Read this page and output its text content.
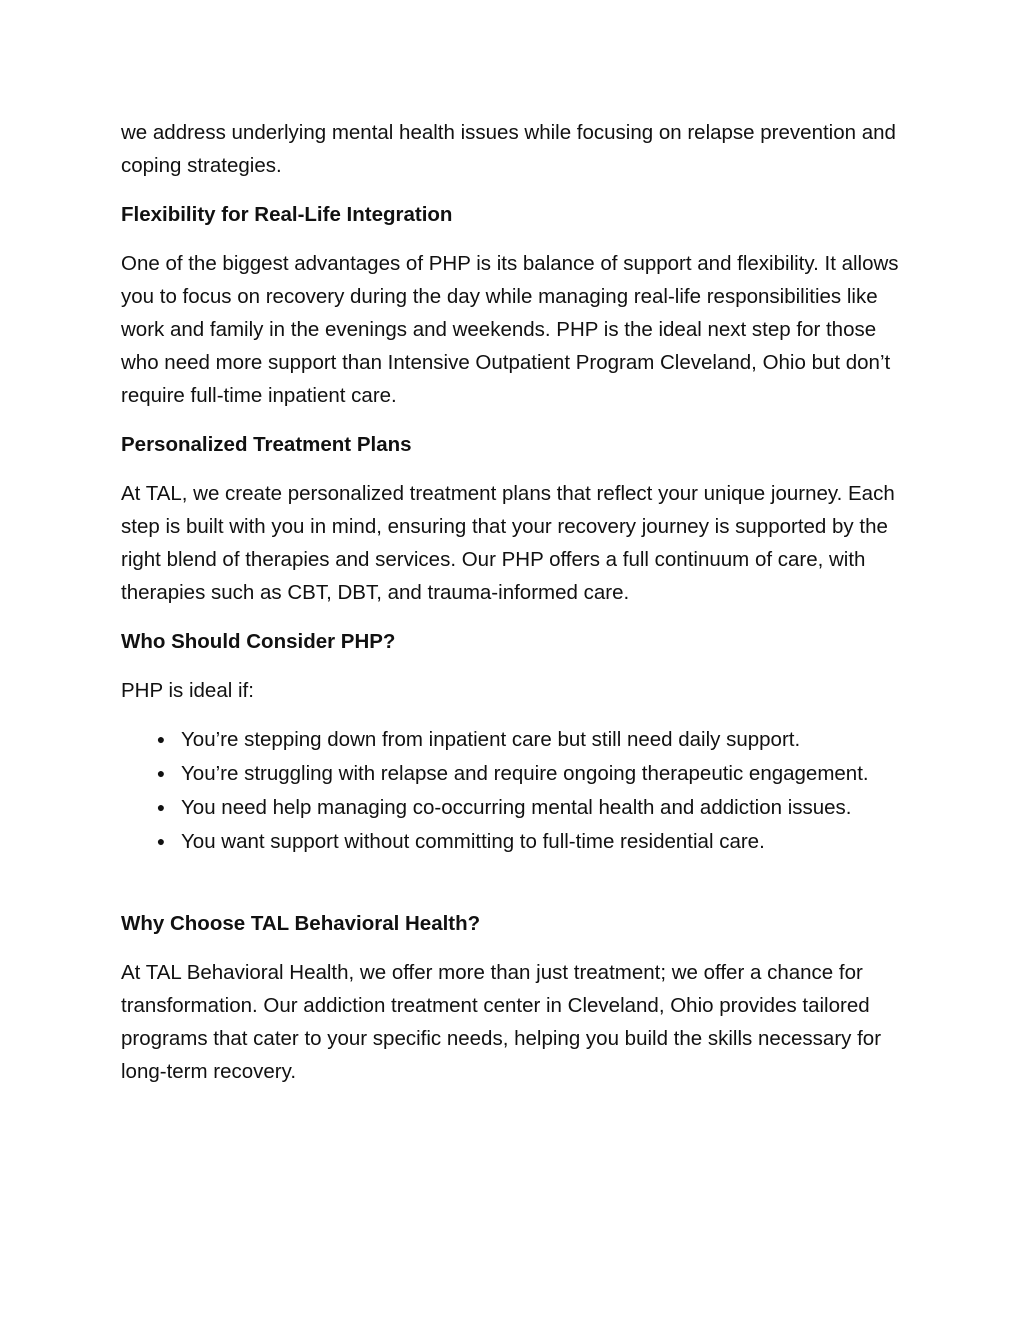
we address underlying mental health issues while focusing on relapse prevention and coping strategies.

Flexibility for Real-Life Integration

One of the biggest advantages of PHP is its balance of support and flexibility. It allows you to focus on recovery during the day while managing real-life responsibilities like work and family in the evenings and weekends. PHP is the ideal next step for those who need more support than Intensive Outpatient Program Cleveland, Ohio but don’t require full-time inpatient care.

Personalized Treatment Plans

At TAL, we create personalized treatment plans that reflect your unique journey. Each step is built with you in mind, ensuring that your recovery journey is supported by the right blend of therapies and services. Our PHP offers a full continuum of care, with therapies such as CBT, DBT, and trauma-informed care.

Who Should Consider PHP?

PHP is ideal if:

● You’re stepping down from inpatient care but still need daily support.
● You’re struggling with relapse and require ongoing therapeutic engagement.
● You need help managing co-occurring mental health and addiction issues.
● You want support without committing to full-time residential care.
Why Choose TAL Behavioral Health?

At TAL Behavioral Health, we offer more than just treatment; we offer a chance for transformation. Our addiction treatment center in Cleveland, Ohio provides tailored programs that cater to your specific needs, helping you build the skills necessary for long-term recovery.
